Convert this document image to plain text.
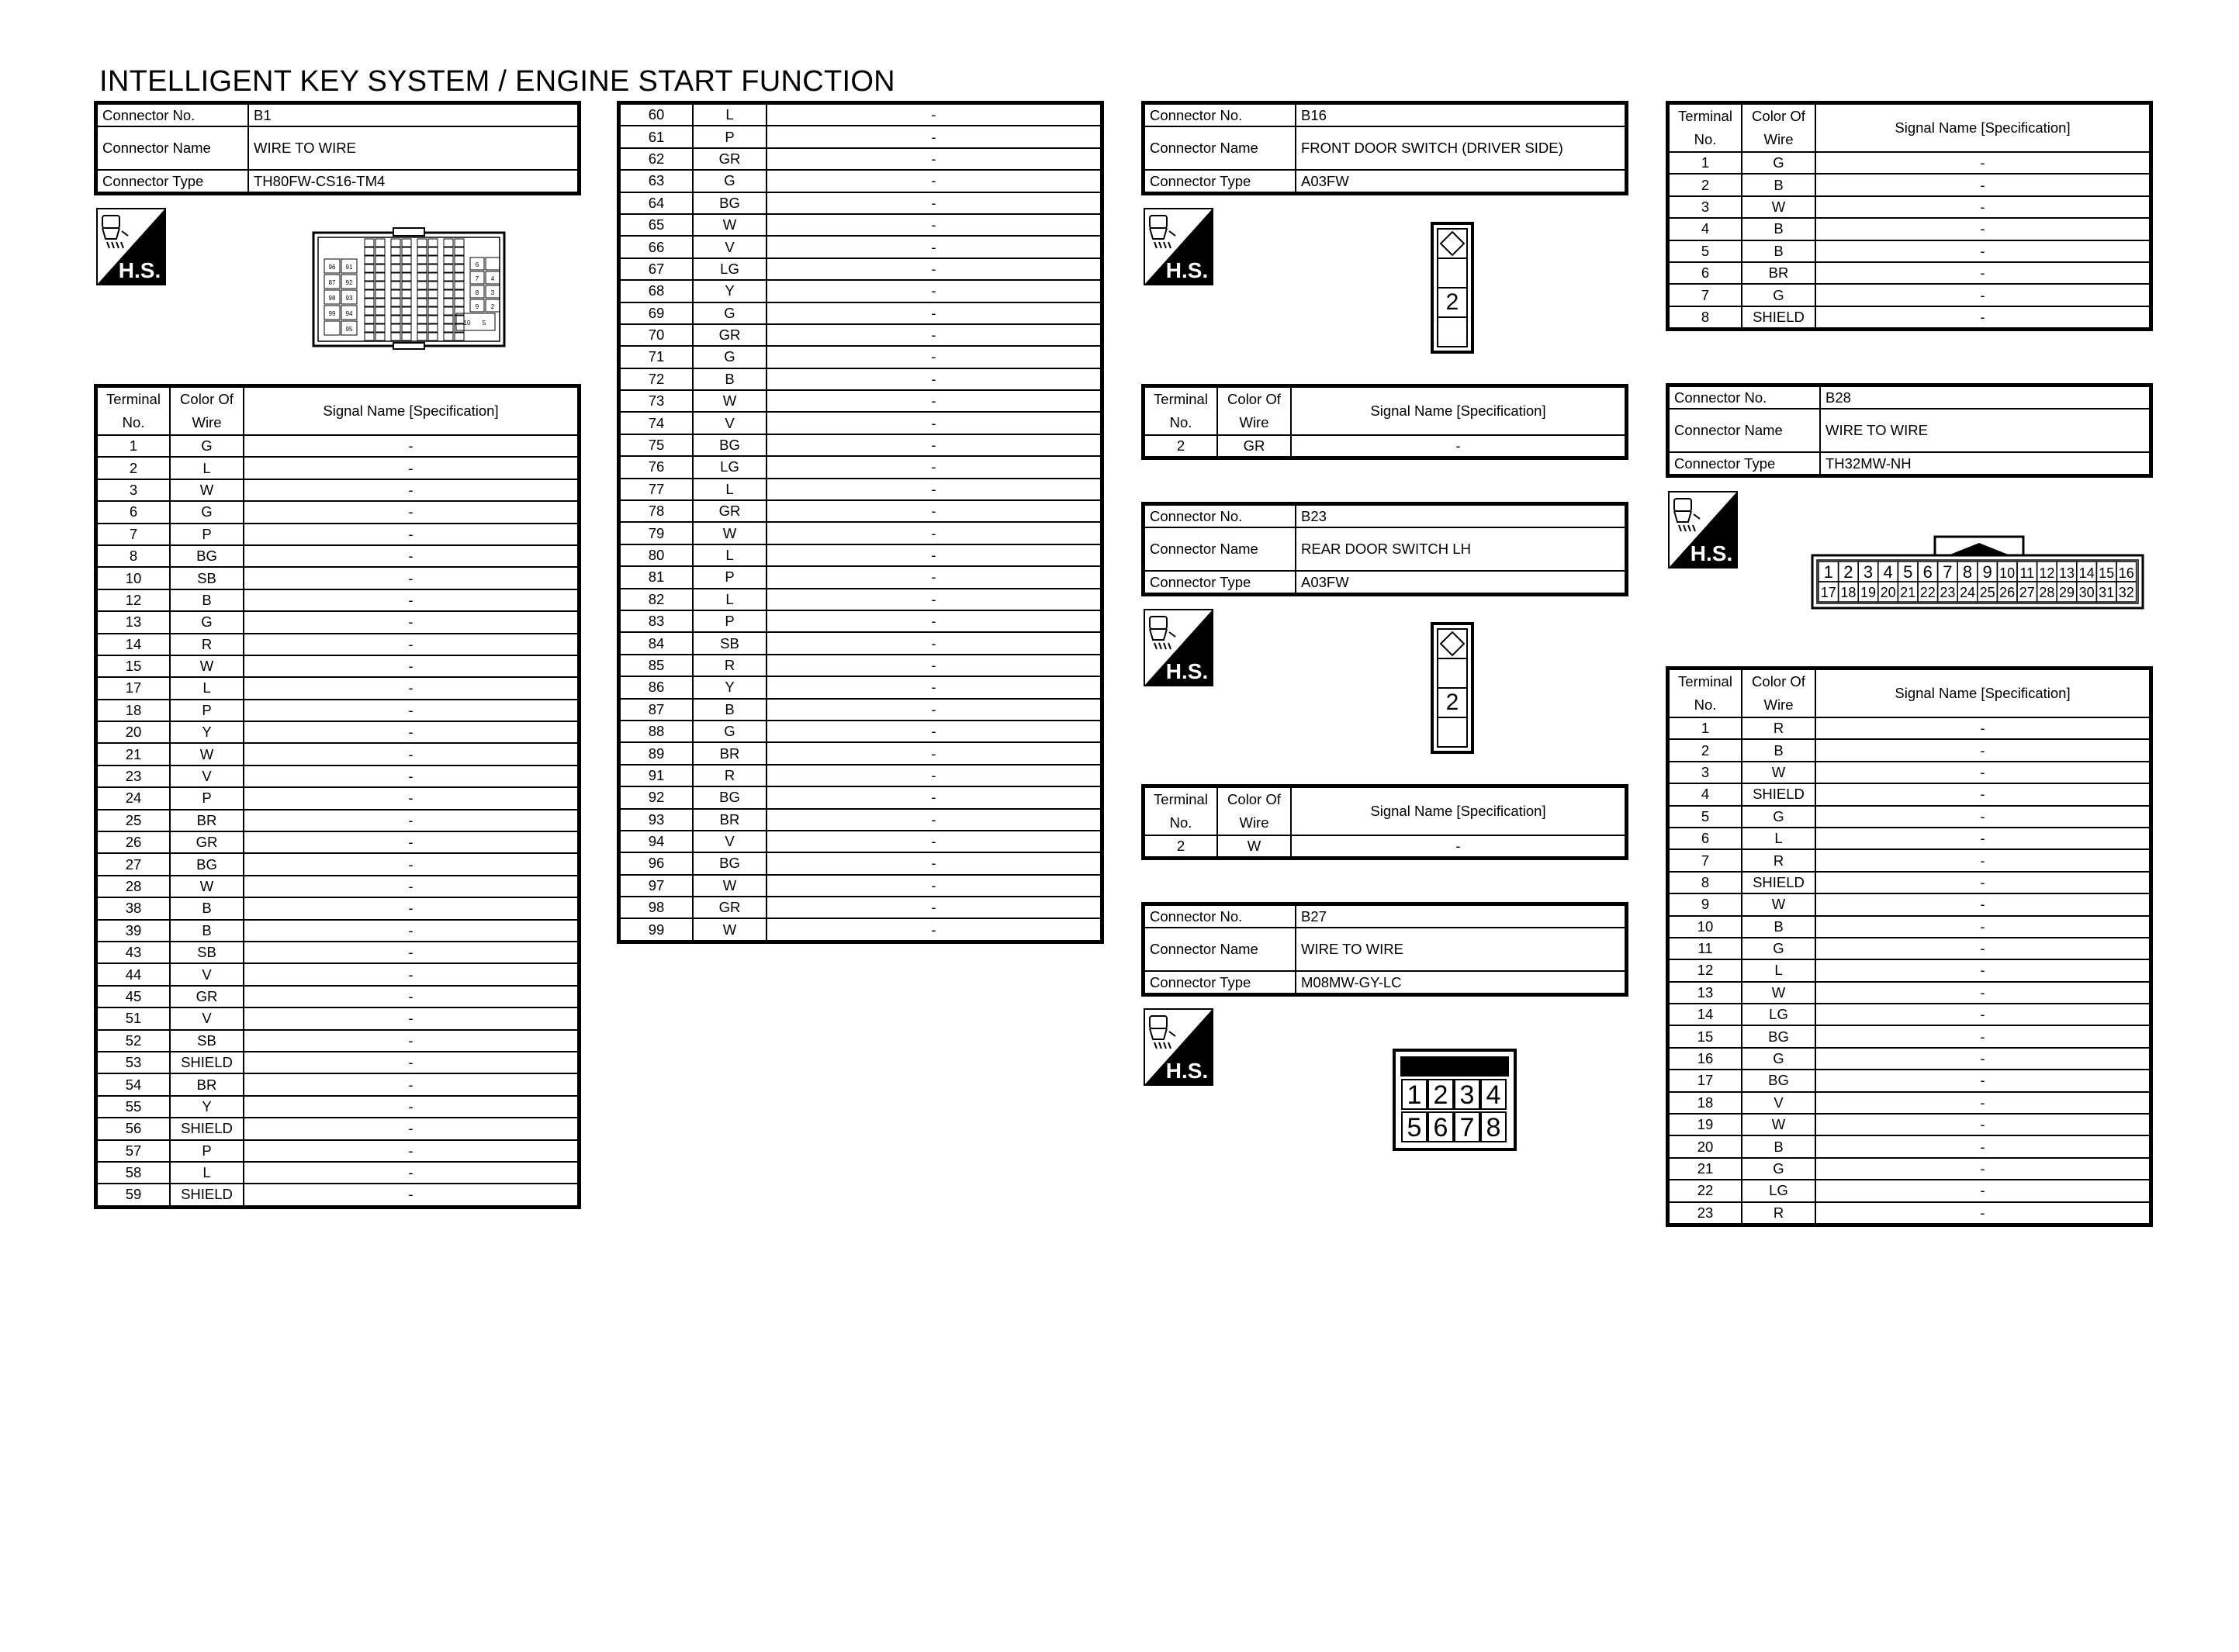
INTELLIGENT KEY SYSTEM / ENGINE START FUNCTION
Connector No.	B1
Connector Name	WIRE TO WIRE
Connector Type	TH80FW-CS16-TM4
H.S.	96 91
87 92
98 93
99 94
95
6
7 4
8 3
9 2
10 5
Terminal No.	Color Of Wire	Signal Name [Specification]
1	G	-
2	L	-
3	W	-
6	G	-
7	P	-
8	BG	-
10	SB	-
12	B	-
13	G	-
14	R	-
15	W	-
17	L	-
18	P	-
20	Y	-
21	W	-
23	V	-
24	P	-
25	BR	-
26	GR	-
27	BG	-
28	W	-
38	B	-
39	B	-
43	SB	-
44	V	-
45	GR	-
51	V	-
52	SB	-
53	SHIELD	-
54	BR	-
55	Y	-
56	SHIELD	-
57	P	-
58	L	-
59	SHIELD	-
60	L	-
61	P	-
62	GR	-
63	G	-
64	BG	-
65	W	-
66	V	-
67	LG	-
68	Y	-
69	G	-
70	GR	-
71	G	-
72	B	-
73	W	-
74	V	-
75	BG	-
76	LG	-
77	L	-
78	GR	-
79	W	-
80	L	-
81	P	-
82	L	-
83	P	-
84	SB	-
85	R	-
86	Y	-
87	B	-
88	G	-
89	BR	-
91	R	-
92	BG	-
93	BR	-
94	V	-
96	BG	-
97	W	-
98	GR	-
99	W	-
Connector No.	B16
Connector Name	FRONT DOOR SWITCH (DRIVER SIDE)
Connector Type	A03FW
H.S.
2
Terminal No.	Color Of Wire	Signal Name [Specification]
2	GR	-
Connector No.	B23
Connector Name	REAR DOOR SWITCH LH
Connector Type	A03FW
H.S.
2
Terminal No.	Color Of Wire	Signal Name [Specification]
2	W	-
Connector No.	B27
Connector Name	WIRE TO WIRE
Connector Type	M08MW-GY-LC
H.S.
1
5
2
6
3
7
4
8
Terminal No.	Color Of Wire	Signal Name [Specification]
1	G	-
2	B	-
3	W	-
4	B	-
5	B	-
6	BR	-
7	G	-
8	SHIELD	-
Connector No.	B28
Connector Name	WIRE TO WIRE
Connector Type	TH32MW-NH
H.S.
1
17
2
18
3
19
4
20
5
21
6
22
7
23
8
24
9
25
10
26
11
27
12
28
13
29
14
30
15
31
16
32
Terminal No.	Color Of Wire	Signal Name [Specification]
1	R	-
2	B	-
3	W	-
4	SHIELD	-
5	G	-
6	L	-
7	R	-
8	SHIELD	-
9	W	-
10	B	-
11	G	-
12	L	-
13	W	-
14	LG	-
15	BG	-
16	G	-
17	BG	-
18	V	-
19	W	-
20	B	-
21	G	-
22	LG	-
23	R	-
